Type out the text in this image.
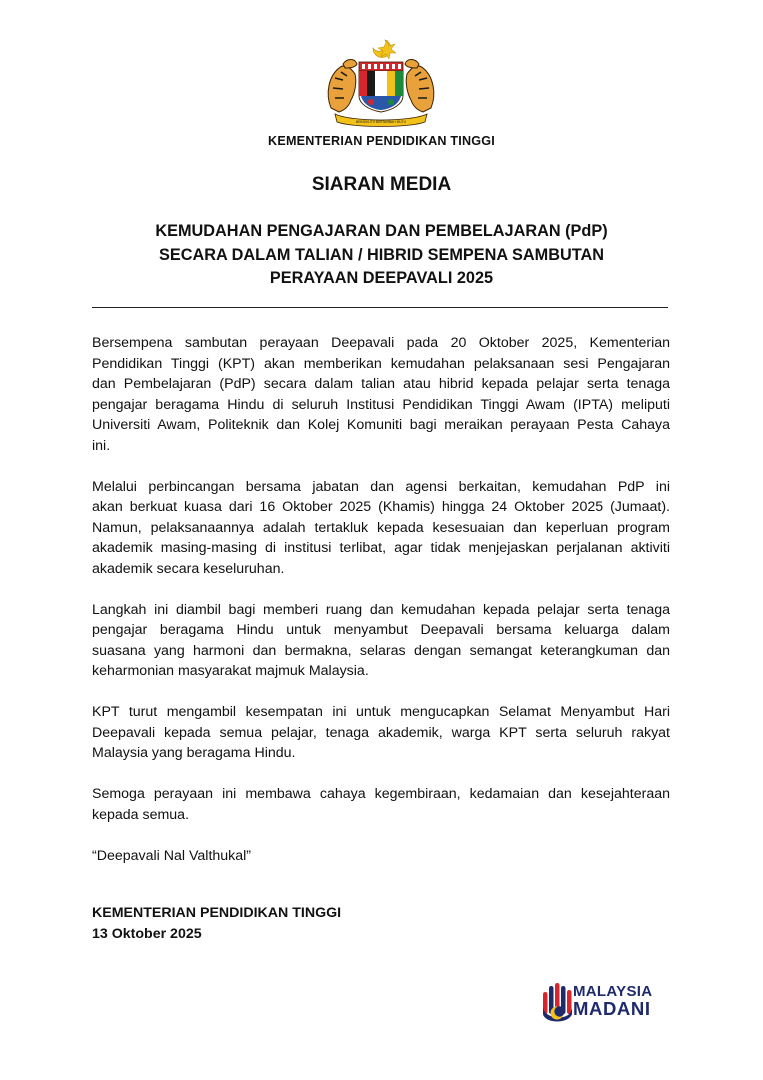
BERSEKUTU BERTAMBAH MUTU
KEMENTERIAN PENDIDIKAN TINGGI
SIARAN MEDIA
KEMUDAHAN PENGAJARAN DAN PEMBELAJARAN (PdP)
SECARA DALAM TALIAN / HIBRID SEMPENA SAMBUTAN
PERAYAAN DEEPAVALI 2025
Bersempena sambutan perayaan Deepavali pada 20 Oktober 2025, Kementerian
Pendidikan Tinggi (KPT) akan memberikan kemudahan pelaksanaan sesi Pengajaran
dan Pembelajaran (PdP) secara dalam talian atau hibrid kepada pelajar serta tenaga
pengajar beragama Hindu di seluruh Institusi Pendidikan Tinggi Awam (IPTA) meliputi
Universiti Awam, Politeknik dan Kolej Komuniti bagi meraikan perayaan Pesta Cahaya
ini.
Melalui perbincangan bersama jabatan dan agensi berkaitan, kemudahan PdP ini
akan berkuat kuasa dari 16 Oktober 2025 (Khamis) hingga 24 Oktober 2025 (Jumaat).
Namun, pelaksanaannya adalah tertakluk kepada kesesuaian dan keperluan program
akademik masing-masing di institusi terlibat, agar tidak menjejaskan perjalanan aktiviti
akademik secara keseluruhan.
Langkah ini diambil bagi memberi ruang dan kemudahan kepada pelajar serta tenaga
pengajar beragama Hindu untuk menyambut Deepavali bersama keluarga dalam
suasana yang harmoni dan bermakna, selaras dengan semangat keterangkuman dan
keharmonian masyarakat majmuk Malaysia.
KPT turut mengambil kesempatan ini untuk mengucapkan Selamat Menyambut Hari
Deepavali kepada semua pelajar, tenaga akademik, warga KPT serta seluruh rakyat
Malaysia yang beragama Hindu.
Semoga perayaan ini membawa cahaya kegembiraan, kedamaian dan kesejahteraan
kepada semua.
“Deepavali Nal Valthukal”
KEMENTERIAN PENDIDIKAN TINGGI
13 Oktober 2025
MALAYSIA
MADANI
